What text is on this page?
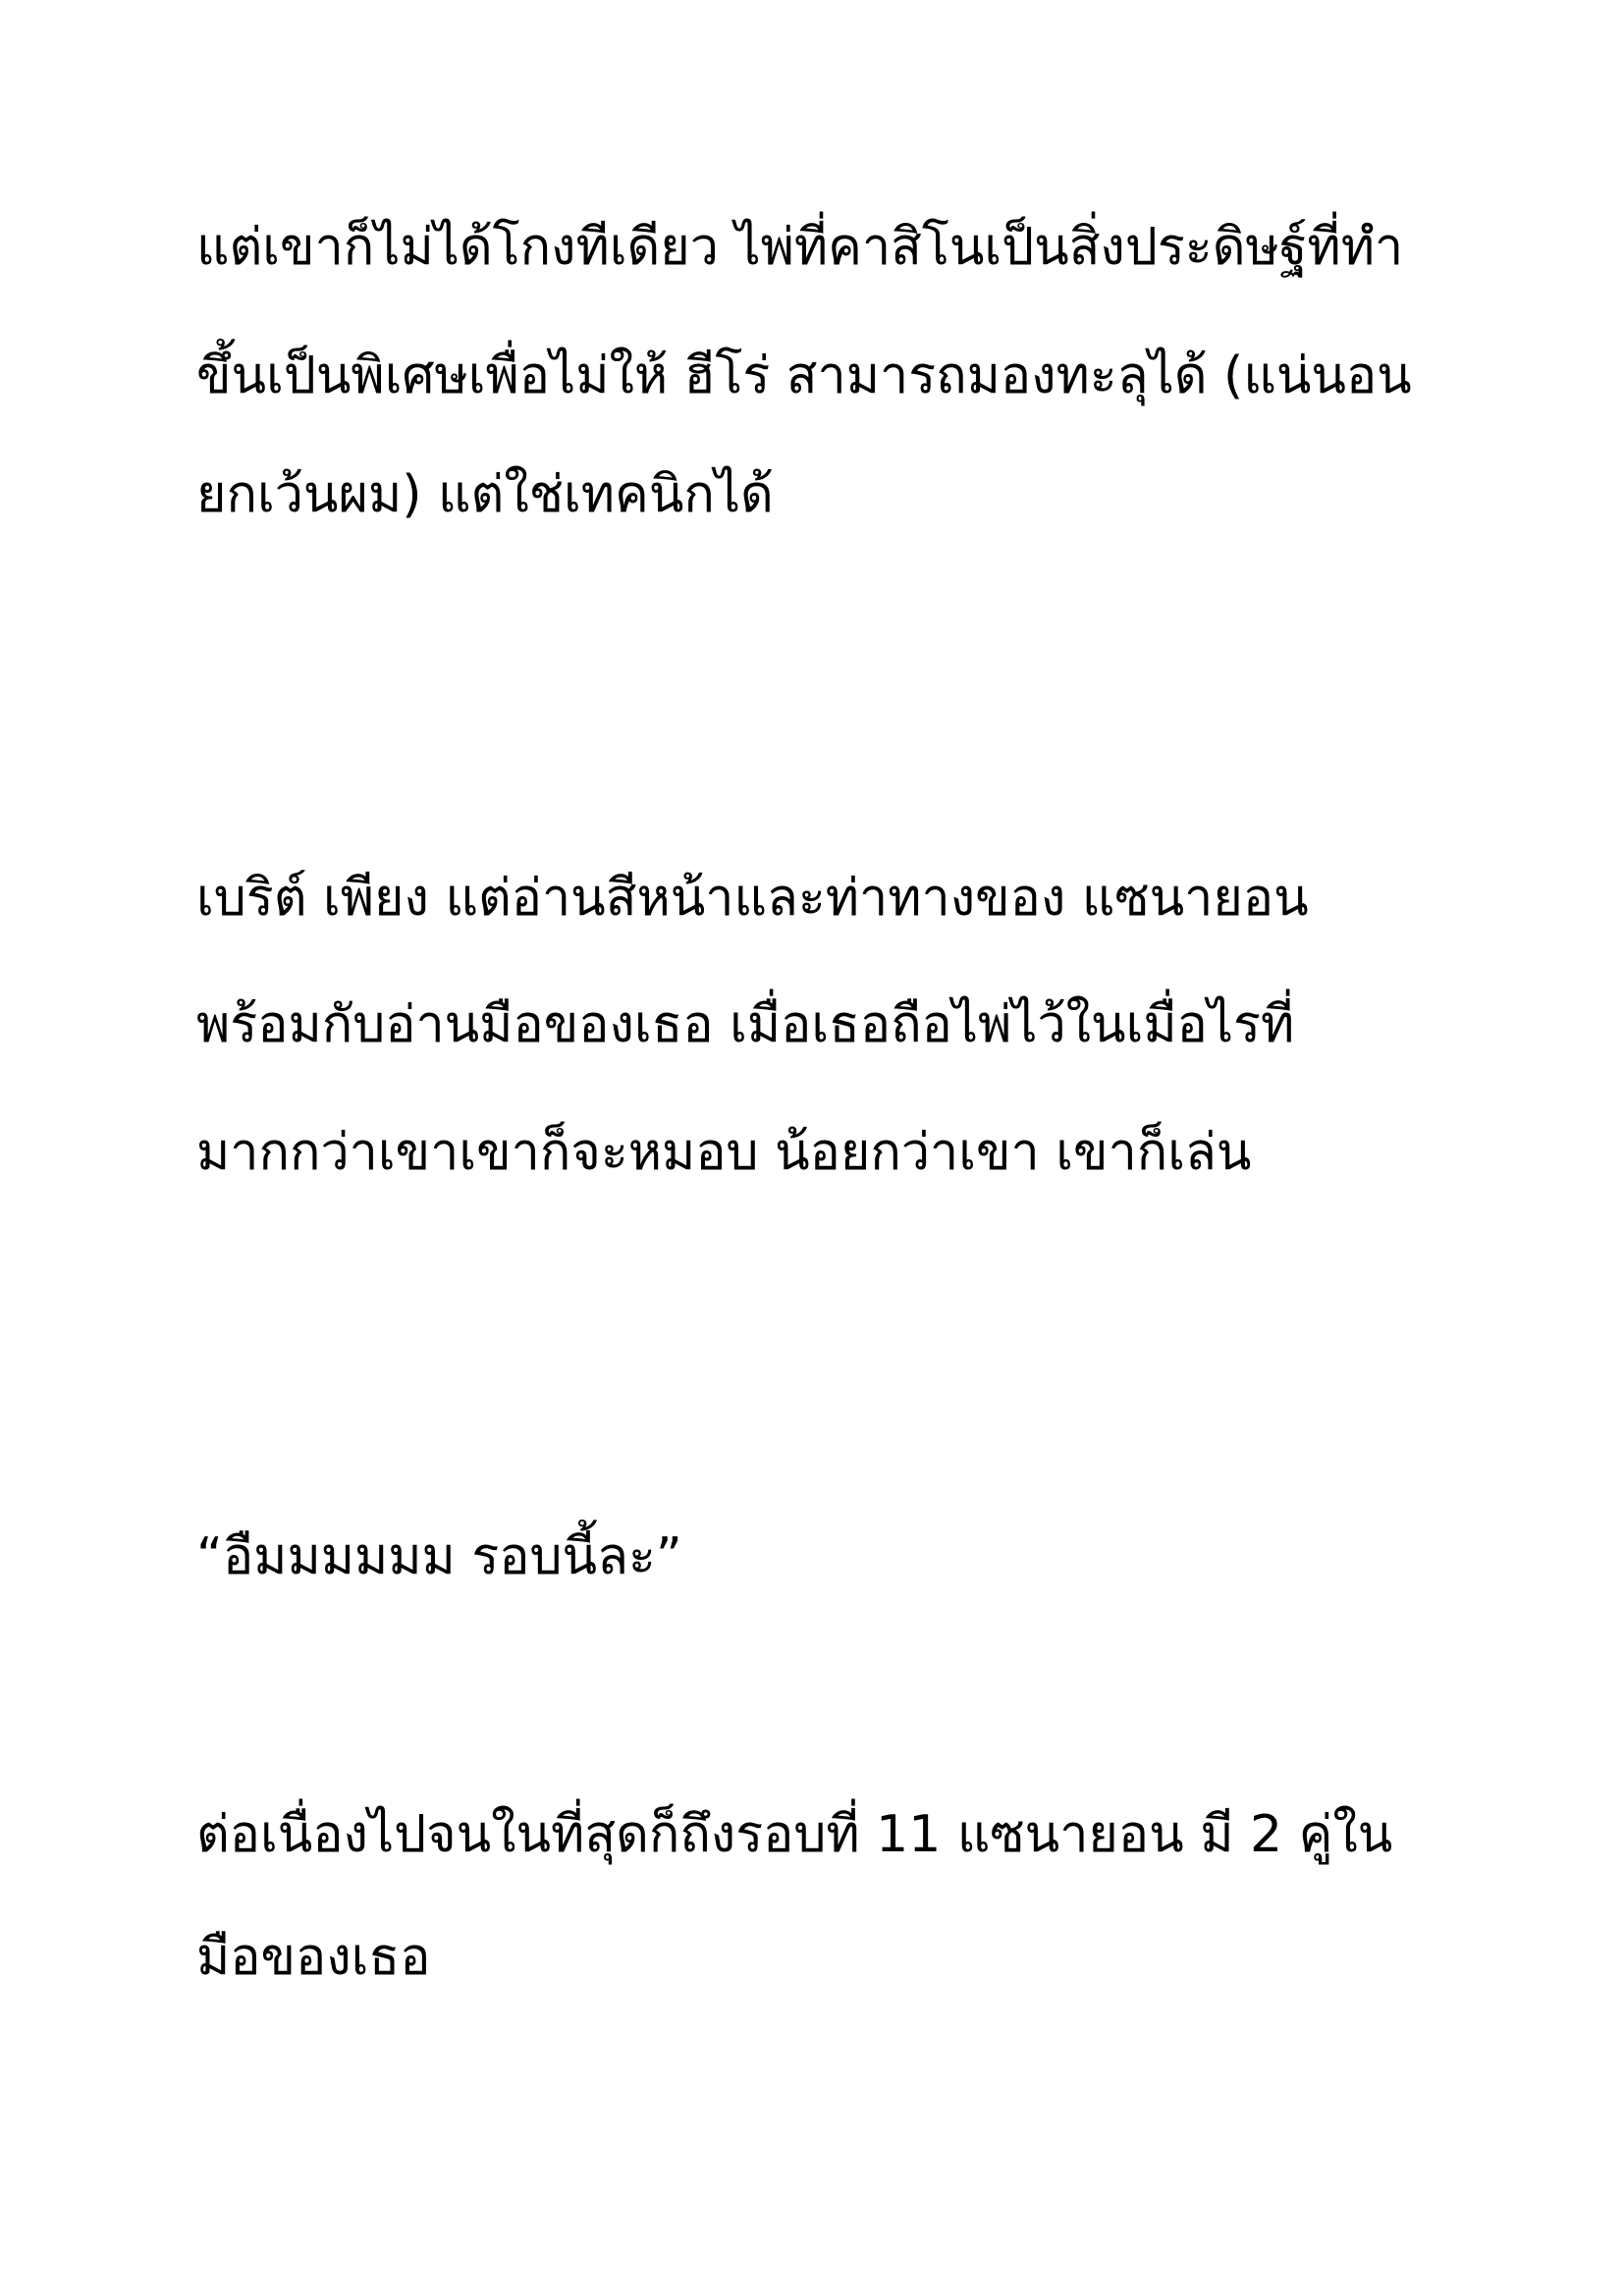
แต่เขาก็ไม่ได้โกงทีเดียว ไพ่ที่คาสิโนเป็นสิ่งประดิษฐ์ที่ทำ

ขึ้นเป็นพิเศษเพื่อไม่ให้ ฮีโร่ สามารถมองทะลุได้ (แน่นอน

ยกเว้นผม) แต่ใช่เทคนิกได้

เบริต์ เพียง แต่อ่านสีหน้าและท่าทางของ แซนายอน

พร้อมกับอ่านมือของเธอ เมื่อเธอถือไพ่ไว้ในเมื่อไรที่

มากกว่าเขาเขาก็จะหมอบ น้อยกว่าเขา เขาก็เล่น

“อืมมมมมม รอบนี้ละ”

ต่อเนื่องไปจนในที่สุดก็ถึงรอบที่ 11 แซนายอน มี 2 คู่ใน

มือของเธอ
